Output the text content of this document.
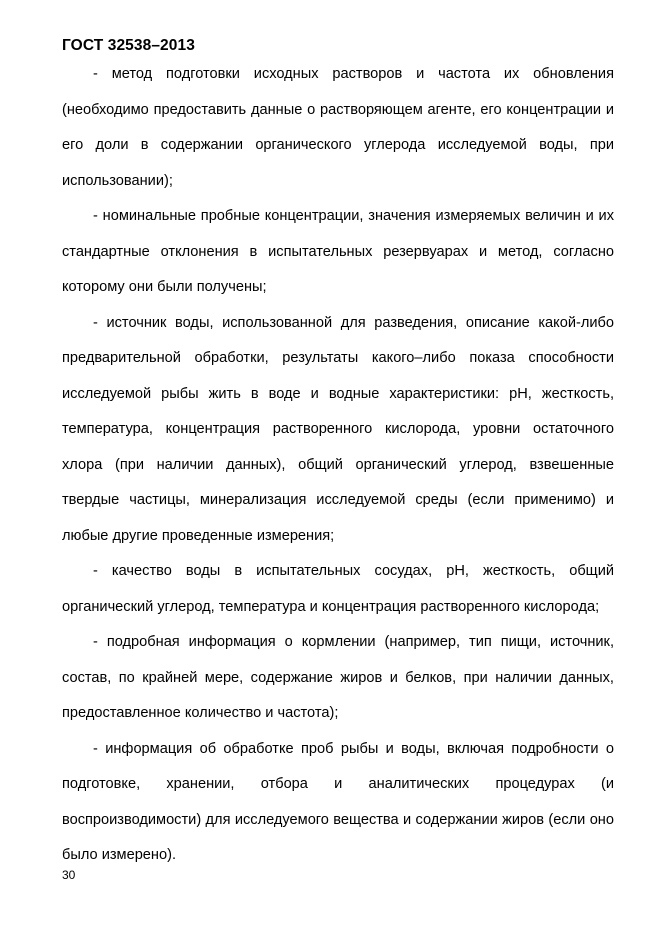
ГОСТ 32538–2013

- метод подготовки исходных растворов и частота их обновления (необходимо предоставить данные о растворяющем агенте, его концентрации и его доли в содержании органического углерода исследуемой воды, при использовании);

- номинальные пробные концентрации, значения измеряемых величин и их стандартные отклонения в испытательных резервуарах и метод, согласно которому они были получены;

- источник воды, использованной для разведения, описание какой-либо предварительной обработки, результаты какого–либо показа способности исследуемой рыбы жить в воде и водные характеристики: pH, жесткость, температура, концентрация растворенного кислорода, уровни остаточного хлора (при наличии данных), общий органический углерод, взвешенные твердые частицы, минерализация исследуемой среды (если применимо) и любые другие проведенные измерения;

- качество воды в испытательных сосудах, pH, жесткость, общий органический углерод, температура и концентрация растворенного кислорода;

- подробная информация о кормлении (например, тип пищи, источник, состав, по крайней мере, содержание жиров и белков, при наличии данных, предоставленное количество и частота);

- информация об обработке проб рыбы и воды, включая подробности о подготовке, хранении, отбора и аналитических процедурах (и воспроизводимости) для исследуемого вещества и содержании жиров (если оно было измерено).

30
